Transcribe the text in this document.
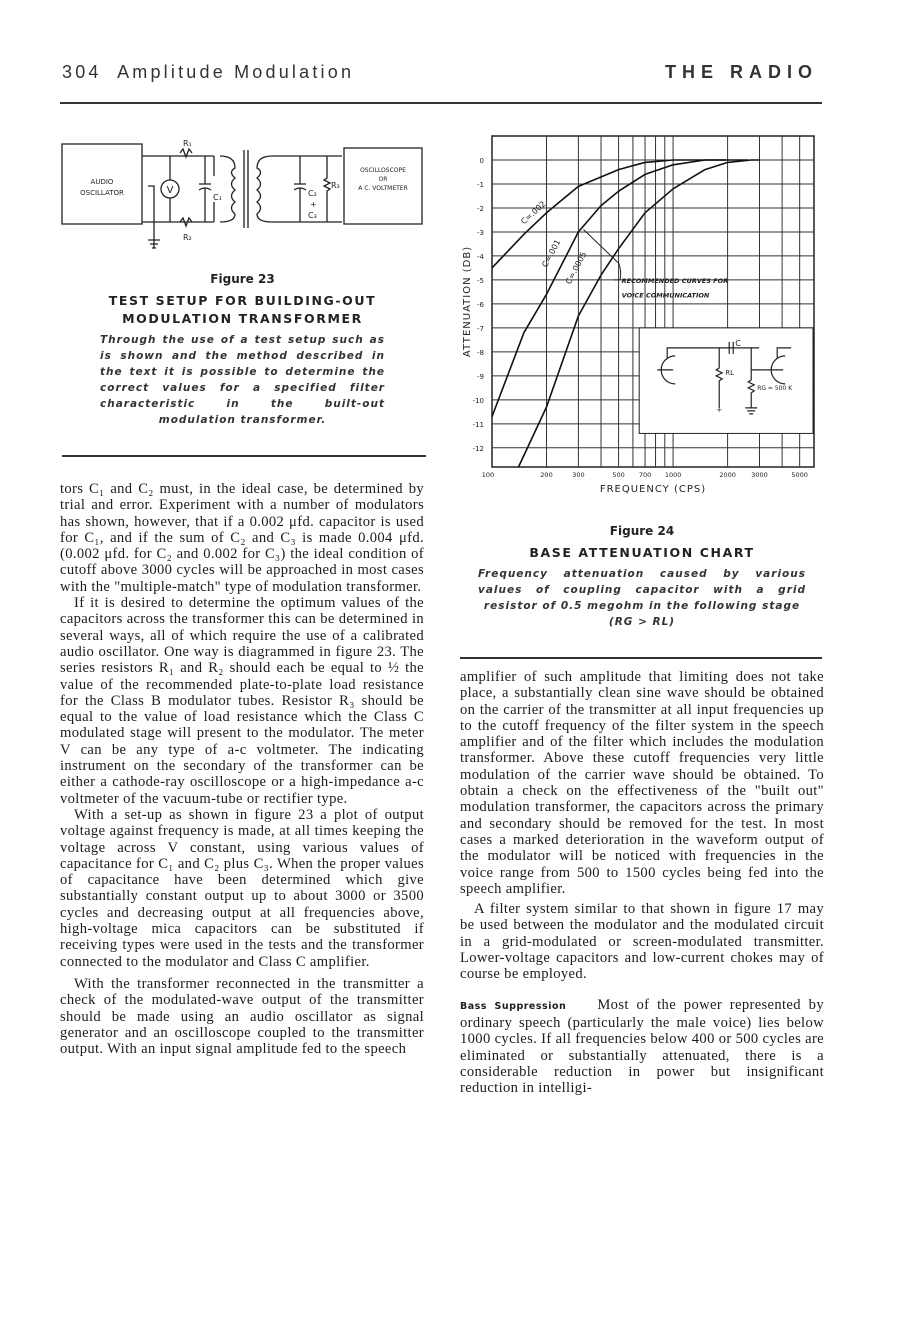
304 Amplitude Modulation	THE RADIO
AUDIO
OSCILLATOR	V
R₁
R₂
C₁	C₂
+
C₃
R₃
OSCILLOSCOPE
OR
A C. VOLTMETER
Figure 23
TEST SETUP FOR BUILDING-OUT MODULATION TRANSFORMER
Through the use of a test setup such as is shown and the method described in the text it is possible to determine the correct values for a specified filter characteristic in the built-out modulation transformer.
0
-1
-2
-3
-4
-5
-6
-7
-8
-9
-10
-11
-12
100	200	300	500 700 1000	2000 3000	5000
FREQUENCY (CPS)
ATTENUATION (DB)	C
RL
RG = 500 K
+
C=.002
C=.001 C=.0005	RECOMMENDED CURVES FOR
VOICE COMMUNICATION
Figure 24
BASE ATTENUATION CHART
Frequency attenuation caused by various values of coupling capacitor with a grid resistor of 0.5 megohm in the following stage
(RG > RL)

tors C₁ and C₂ must, in the ideal case, be determined by trial and error. Experiment with a number of modulators has shown, however, that if a 0.002 μfd. capacitor is used for C₁, and if the sum of C₂ and C₃ is made 0.004 μfd. (0.002 μfd. for C₂ and 0.002 for C₃) the ideal condition of cutoff above 3000 cycles will be approached in most cases with the "multiple-match" type of modulation transformer.

If it is desired to determine the optimum values of the capacitors across the transformer this can be determined in several ways, all of which require the use of a calibrated audio oscillator. One way is diagrammed in figure 23. The series resistors R₁ and R₂ should each be equal to ½ the value of the recommended plate-to-plate load resistance for the Class B modulator tubes. Resistor R₃ should be equal to the value of load resistance which the Class C modulated stage will present to the modulator. The meter V can be any type of a-c voltmeter. The indicating instrument on the secondary of the transformer can be either a cathode-ray oscilloscope or a high-impedance a-c voltmeter of the vacuum-tube or rectifier type.

With a set-up as shown in figure 23 a plot of output voltage against frequency is made, at all times keeping the voltage across V constant, using various values of capacitance for C₁ and C₂ plus C₃. When the proper values of capacitance have been determined which give substantially constant output up to about 3000 or 3500 cycles and decreasing output at all frequencies above, high-voltage mica capacitors can be substituted if receiving types were used in the tests and the transformer connected to the modulator and Class C amplifier.

With the transformer reconnected in the transmitter a check of the modulated-wave output of the transmitter should be made using an audio oscillator as signal generator and an oscilloscope coupled to the transmitter output. With an input signal amplitude fed to the speech

amplifier of such amplitude that limiting does not take place, a substantially clean sine wave should be obtained on the carrier of the transmitter at all input frequencies up to the cutoff frequency of the filter system in the speech amplifier and of the filter which includes the modulation transformer. Above these cutoff frequencies very little modulation of the carrier wave should be obtained. To obtain a check on the effectiveness of the "built out" modulation transformer, the capacitors across the primary and secondary should be removed for the test. In most cases a marked deterioration in the waveform output of the modulator will be noticed with frequencies in the voice range from 500 to 1500 cycles being fed into the speech amplifier.

A filter system similar to that shown in figure 17 may be used between the modulator and the modulated circuit in a grid-modulated or screen-modulated transmitter. Lower-voltage capacitors and low-current chokes may of course be employed.

Bass Suppression Most of the power represented by ordinary speech (particularly the male voice) lies below 1000 cycles. If all frequencies below 400 or 500 cycles are eliminated or substantially attenuated, there is a considerable reduction in power but insignificant reduction in intelligi-
